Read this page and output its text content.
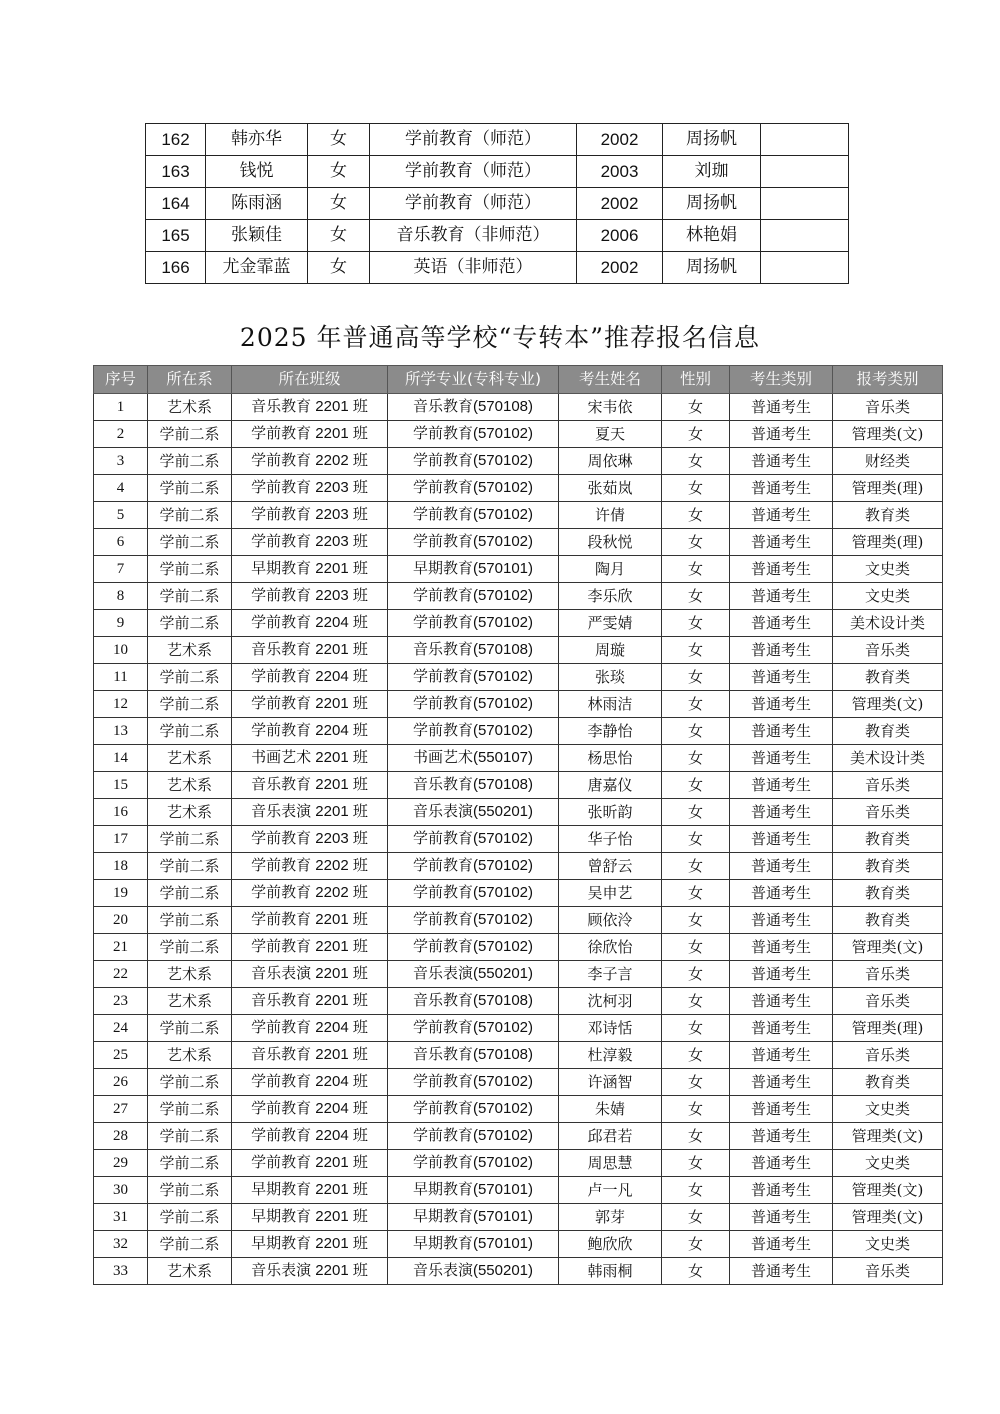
162	韩亦华	女	学前教育（师范）	2002	周扬帆	
163	钱悦	女	学前教育（师范）	2003	刘珈	
164	陈雨涵	女	学前教育（师范）	2002	周扬帆	
165	张颖佳	女	音乐教育（非师范）	2006	林艳娟	
166	尤金霏蓝	女	英语（非师范）	2002	周扬帆	
2025 年普通高等学校“专转本”推荐报名信息
序号	所在系	所在班级	所学专业(专科专业)	考生姓名	性别	考生类别	报考类别
1	艺术系	音乐教育 2201 班	音乐教育(570108)	宋韦依	女	普通考生	音乐类
2	学前二系	学前教育 2201 班	学前教育(570102)	夏天	女	普通考生	管理类(文)
3	学前二系	学前教育 2202 班	学前教育(570102)	周依琳	女	普通考生	财经类
4	学前二系	学前教育 2203 班	学前教育(570102)	张茹岚	女	普通考生	管理类(理)
5	学前二系	学前教育 2203 班	学前教育(570102)	许倩	女	普通考生	教育类
6	学前二系	学前教育 2203 班	学前教育(570102)	段秋悦	女	普通考生	管理类(理)
7	学前二系	早期教育 2201 班	早期教育(570101)	陶月	女	普通考生	文史类
8	学前二系	学前教育 2203 班	学前教育(570102)	李乐欣	女	普通考生	文史类
9	学前二系	学前教育 2204 班	学前教育(570102)	严雯婧	女	普通考生	美术设计类
10	艺术系	音乐教育 2201 班	音乐教育(570108)	周璇	女	普通考生	音乐类
11	学前二系	学前教育 2204 班	学前教育(570102)	张琰	女	普通考生	教育类
12	学前二系	学前教育 2201 班	学前教育(570102)	林雨洁	女	普通考生	管理类(文)
13	学前二系	学前教育 2204 班	学前教育(570102)	李静怡	女	普通考生	教育类
14	艺术系	书画艺术 2201 班	书画艺术(550107)	杨思怡	女	普通考生	美术设计类
15	艺术系	音乐教育 2201 班	音乐教育(570108)	唐嘉仪	女	普通考生	音乐类
16	艺术系	音乐表演 2201 班	音乐表演(550201)	张昕韵	女	普通考生	音乐类
17	学前二系	学前教育 2203 班	学前教育(570102)	华子怡	女	普通考生	教育类
18	学前二系	学前教育 2202 班	学前教育(570102)	曾舒云	女	普通考生	教育类
19	学前二系	学前教育 2202 班	学前教育(570102)	吴申艺	女	普通考生	教育类
20	学前二系	学前教育 2201 班	学前教育(570102)	顾依泠	女	普通考生	教育类
21	学前二系	学前教育 2201 班	学前教育(570102)	徐欣怡	女	普通考生	管理类(文)
22	艺术系	音乐表演 2201 班	音乐表演(550201)	李子言	女	普通考生	音乐类
23	艺术系	音乐教育 2201 班	音乐教育(570108)	沈柯羽	女	普通考生	音乐类
24	学前二系	学前教育 2204 班	学前教育(570102)	邓诗恬	女	普通考生	管理类(理)
25	艺术系	音乐教育 2201 班	音乐教育(570108)	杜淳毅	女	普通考生	音乐类
26	学前二系	学前教育 2204 班	学前教育(570102)	许涵智	女	普通考生	教育类
27	学前二系	学前教育 2204 班	学前教育(570102)	朱婧	女	普通考生	文史类
28	学前二系	学前教育 2204 班	学前教育(570102)	邱君若	女	普通考生	管理类(文)
29	学前二系	学前教育 2201 班	学前教育(570102)	周思慧	女	普通考生	文史类
30	学前二系	早期教育 2201 班	早期教育(570101)	卢一凡	女	普通考生	管理类(文)
31	学前二系	早期教育 2201 班	早期教育(570101)	郭芽	女	普通考生	管理类(文)
32	学前二系	早期教育 2201 班	早期教育(570101)	鲍欣欣	女	普通考生	文史类
33	艺术系	音乐表演 2201 班	音乐表演(550201)	韩雨桐	女	普通考生	音乐类
